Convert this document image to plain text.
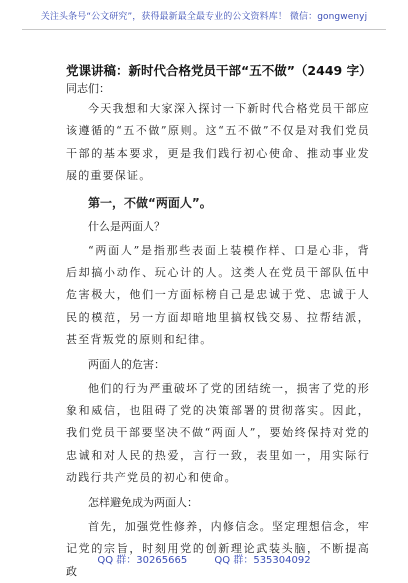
关注头条号“公文研究”，获得最新最全最专业的公文资料库！ 微信：gongwenyj
党课讲稿：新时代合格党员干部“五不做”（2449 字）
同志们：

今天我想和大家深入探讨一下新时代合格党员干部应该遵循的“五不做”原则。这“五不做”不仅是对我们党员干部的基本要求，更是我们践行初心使命、推动事业发展的重要保证。

第一，不做“两面人”。
什么是两面人？

“两面人”是指那些表面上装模作样、口是心非，背后却搞小动作、玩心计的人。这类人在党员干部队伍中危害极大，他们一方面标榜自己是忠诚于党、忠诚于人民的模范，另一方面却暗地里搞权钱交易、拉帮结派，甚至背叛党的原则和纪律。

两面人的危害：

他们的行为严重破坏了党的团结统一，损害了党的形象和威信，也阻碍了党的决策部署的贯彻落实。因此，我们党员干部要坚决不做“两面人”，要始终保持对党的忠诚和对人民的热爱，言行一致，表里如一，用实际行动践行共产党员的初心和使命。

怎样避免成为两面人：

首先，加强党性修养，内修信念。坚定理想信念，牢记党的宗旨，时刻用党的创新理论武装头脑，不断提高政

QQ 群：30265665	QQ 群：535304092
